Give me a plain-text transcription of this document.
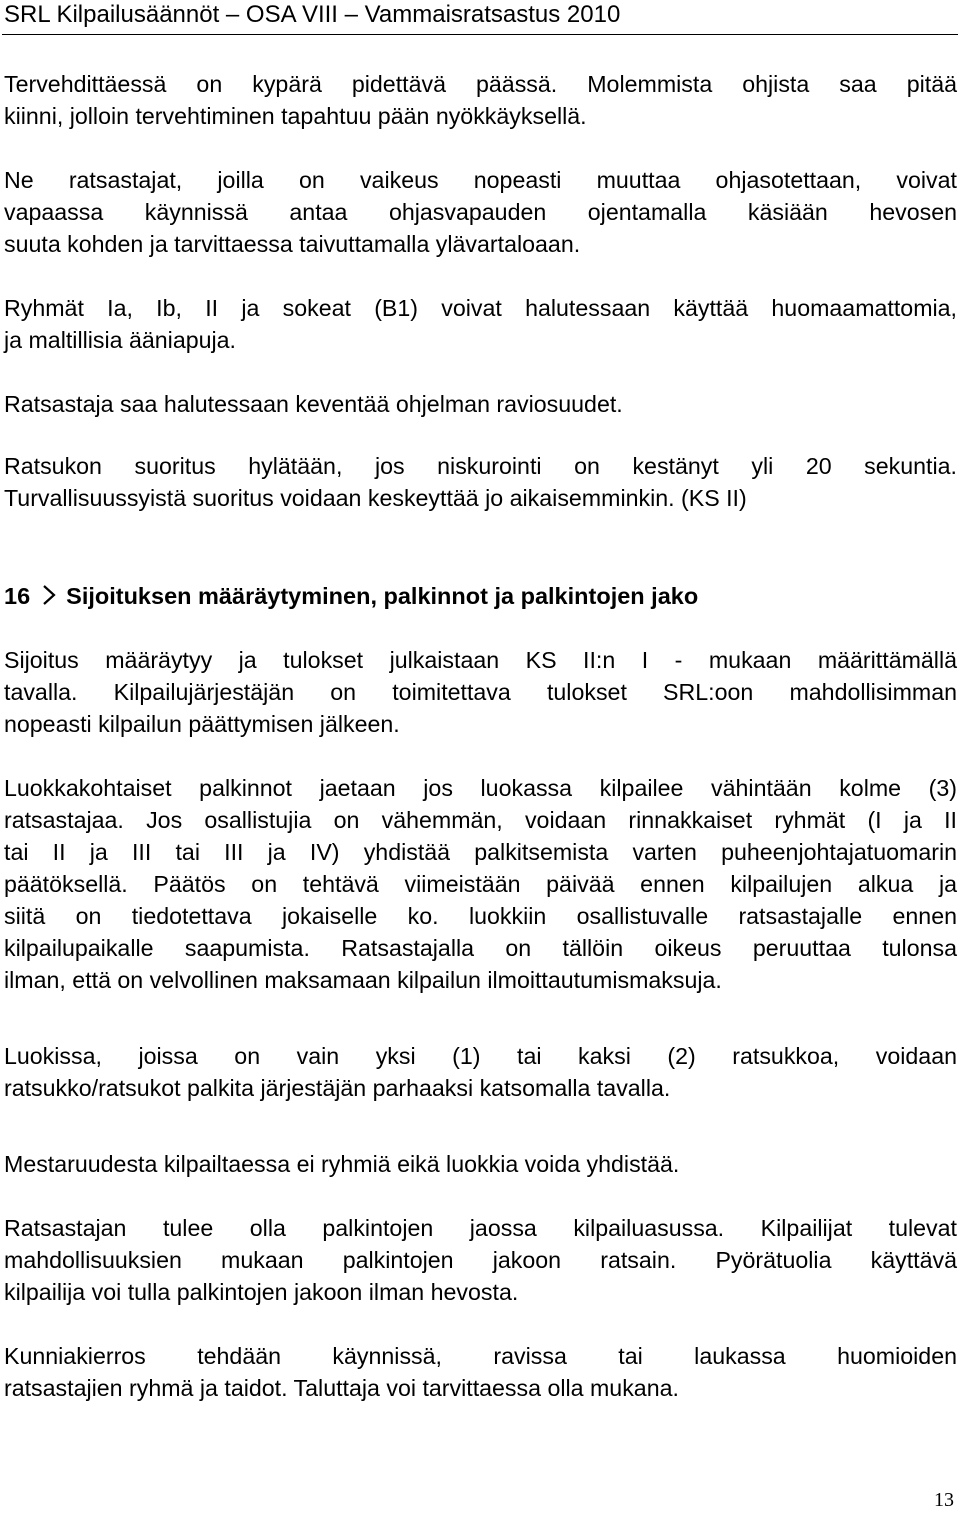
SRL Kilpailusäännöt – OSA VIII – Vammaisratsastus 2010

Tervehdittäessä on kypärä pidettävä päässä. Molemmista ohjista saa pitää
kiinni, jolloin tervehtiminen tapahtuu pään nyökkäyksellä.

Ne ratsastajat, joilla on vaikeus nopeasti muuttaa ohjasotettaan, voivat
vapaassa käynnissä antaa ohjasvapauden ojentamalla käsiään hevosen
suuta kohden ja tarvittaessa taivuttamalla ylävartaloaan.

Ryhmät Ia, Ib, II ja sokeat (B1) voivat halutessaan käyttää huomaamattomia,
ja maltillisia ääniapuja.

Ratsastaja saa halutessaan keventää ohjelman raviosuudet.

Ratsukon suoritus hylätään, jos niskurointi on kestänyt yli 20 sekuntia.
Turvallisuussyistä suoritus voidaan keskeyttää jo aikaisemminkin. (KS II)

16 Sijoituksen määräytyminen, palkinnot ja palkintojen jako

Sijoitus määräytyy ja tulokset julkaistaan KS II:n I - mukaan määrittämällä
tavalla. Kilpailujärjestäjän on toimitettava tulokset SRL:oon mahdollisimman
nopeasti kilpailun päättymisen jälkeen.

Luokkakohtaiset palkinnot jaetaan jos luokassa kilpailee vähintään kolme (3)
ratsastajaa. Jos osallistujia on vähemmän, voidaan rinnakkaiset ryhmät (I ja II
tai II ja III tai III ja IV) yhdistää palkitsemista varten puheenjohtajatuomarin
päätöksellä. Päätös on tehtävä viimeistään päivää ennen kilpailujen alkua ja
siitä on tiedotettava jokaiselle ko. luokkiin osallistuvalle ratsastajalle ennen
kilpailupaikalle saapumista. Ratsastajalla on tällöin oikeus peruuttaa tulonsa
ilman, että on velvollinen maksamaan kilpailun ilmoittautumismaksuja.

Luokissa, joissa on vain yksi (1) tai kaksi (2) ratsukkoa, voidaan
ratsukko/ratsukot palkita järjestäjän parhaaksi katsomalla tavalla.

Mestaruudesta kilpailtaessa ei ryhmiä eikä luokkia voida yhdistää.

Ratsastajan tulee olla palkintojen jaossa kilpailuasussa. Kilpailijat tulevat
mahdollisuuksien mukaan palkintojen jakoon ratsain. Pyörätuolia käyttävä
kilpailija voi tulla palkintojen jakoon ilman hevosta.

Kunniakierros tehdään käynnissä, ravissa tai laukassa huomioiden
ratsastajien ryhmä ja taidot. Taluttaja voi tarvittaessa olla mukana.

13
